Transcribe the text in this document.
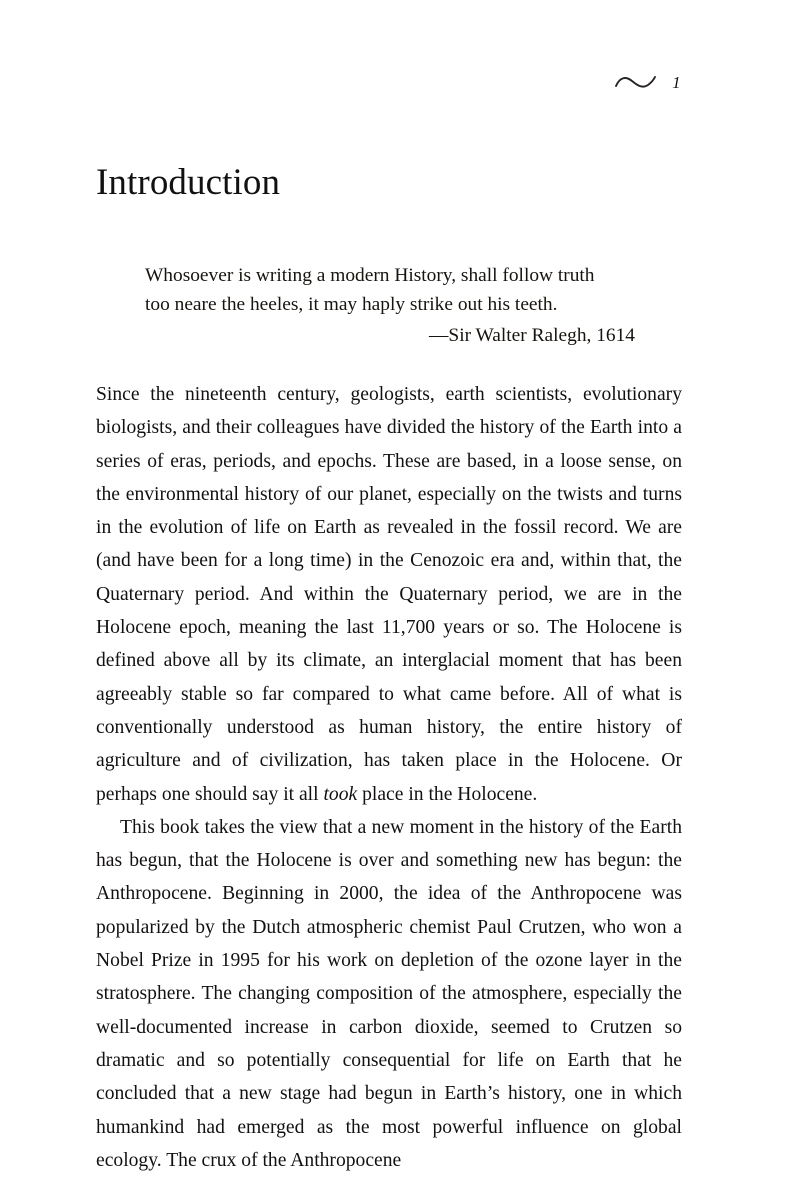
1
Introduction
Whosoever is writing a modern History, shall follow truth
too neare the heeles, it may haply strike out his teeth.
—Sir Walter Ralegh, 1614

Since the nineteenth century, geologists, earth scientists, evolutionary biologists, and their colleagues have divided the history of the Earth into a series of eras, periods, and epochs. These are based, in a loose sense, on the environmental history of our planet, especially on the twists and turns in the evolution of life on Earth as revealed in the fossil record. We are (and have been for a long time) in the Cenozoic era and, within that, the Quaternary period. And within the Quaternary period, we are in the Holocene epoch, meaning the last 11,700 years or so. The Holocene is defined above all by its climate, an interglacial moment that has been agreeably stable so far compared to what came before. All of what is conventionally understood as human history, the entire history of agriculture and of civilization, has taken place in the Holocene. Or perhaps one should say it all took place in the Holocene.

This book takes the view that a new moment in the history of the Earth has begun, that the Holocene is over and something new has begun: the Anthropocene. Beginning in 2000, the idea of the Anthropocene was popularized by the Dutch atmospheric chemist Paul Crutzen, who won a Nobel Prize in 1995 for his work on depletion of the ozone layer in the stratosphere. The changing composition of the atmosphere, especially the well-documented increase in carbon dioxide, seemed to Crutzen so dramatic and so potentially consequential for life on Earth that he concluded that a new stage had begun in Earth’s history, one in which humankind had emerged as the most powerful influence on global ecology. The crux of the Anthropocene
